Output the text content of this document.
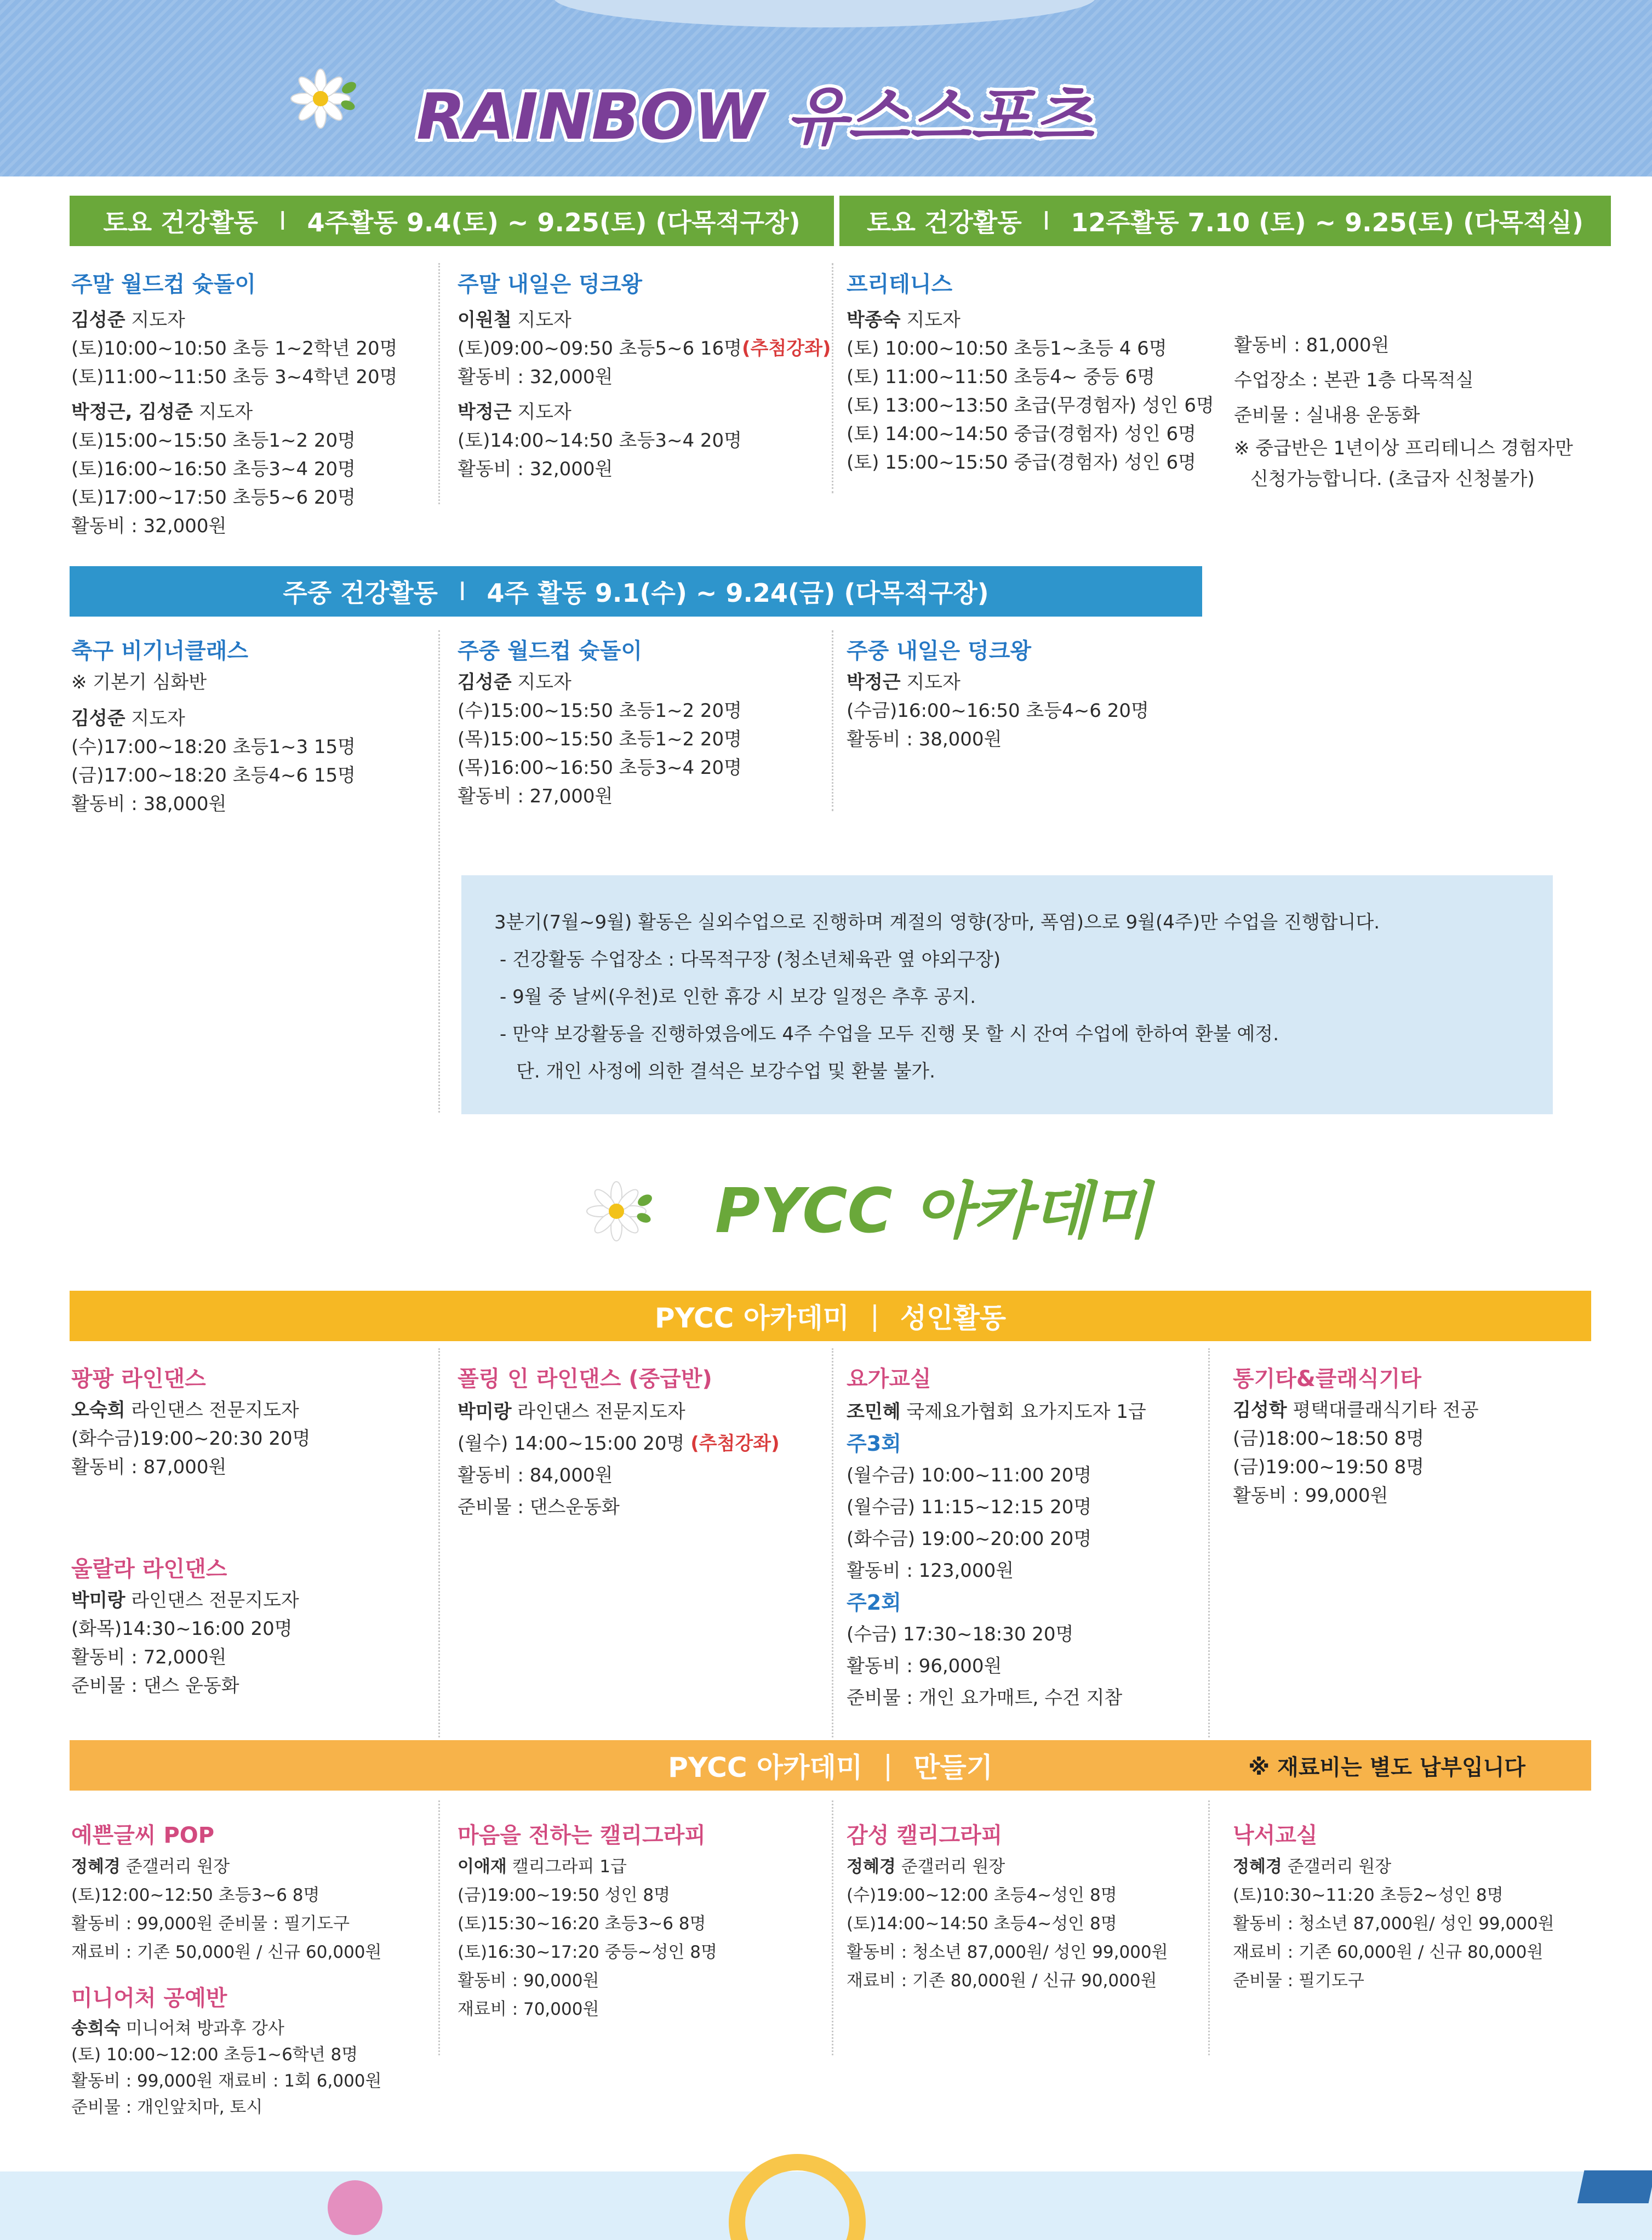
RAINBOW 유스스포츠
PYCC 아카데미
토요 건강활동 I 4주활동 9.4(토) ~ 9.25(토) (다목적구장)	토요 건강활동 I 12주활동 7.10 (토) ~ 9.25(토) (다목적실)
주말 월드컵 슛돌이
김성준 지도자
(토)10:00~10:50 초등 1~2학년 20명
(토)11:00~11:50 초등 3~4학년 20명
박정근, 김성준 지도자
(토)15:00~15:50 초등1~2 20명
(토)16:00~16:50 초등3~4 20명
(토)17:00~17:50 초등5~6 20명
활동비 : 32,000원
주말 내일은 덩크왕
이원철 지도자
(토)09:00~09:50 초등5~6 16명(추첨강좌)
활동비 : 32,000원
박정근 지도자
(토)14:00~14:50 초등3~4 20명
활동비 : 32,000원
프리테니스
박종숙 지도자
(토) 10:00~10:50 초등1~초등 4 6명
(토) 11:00~11:50 초등4~ 중등 6명
(토) 13:00~13:50 초급(무경험자) 성인 6명
(토) 14:00~14:50 중급(경험자) 성인 6명
(토) 15:00~15:50 중급(경험자) 성인 6명
활동비 : 81,000원
수업장소 : 본관 1층 다목적실
준비물 : 실내용 운동화
※ 중급반은 1년이상 프리테니스 경험자만
신청가능합니다. (초급자 신청불가)
주중 건강활동 I 4주 활동 9.1(수) ~ 9.24(금) (다목적구장)
축구 비기너클래스
※ 기본기 심화반
김성준 지도자
(수)17:00~18:20 초등1~3 15명
(금)17:00~18:20 초등4~6 15명
활동비 : 38,000원
주중 월드컵 슛돌이
김성준 지도자
(수)15:00~15:50 초등1~2 20명
(목)15:00~15:50 초등1~2 20명
(목)16:00~16:50 초등3~4 20명
활동비 : 27,000원
주중 내일은 덩크왕
박정근 지도자
(수금)16:00~16:50 초등4~6 20명
활동비 : 38,000원
3분기(7월~9월) 활동은 실외수업으로 진행하며 계절의 영향(장마, 폭염)으로 9월(4주)만 수업을 진행합니다.
- 건강활동 수업장소 : 다목적구장 (청소년체육관 옆 야외구장)
- 9월 중 날씨(우천)로 인한 휴강 시 보강 일정은 추후 공지.
- 만약 보강활동을 진행하였음에도 4주 수업을 모두 진행 못 할 시 잔여 수업에 한하여 환불 예정.
단. 개인 사정에 의한 결석은 보강수업 및 환불 불가.
PYCC 아카데미 | 성인활동
팡팡 라인댄스
오숙희 라인댄스 전문지도자
(화수금)19:00~20:30 20명
활동비 : 87,000원
울랄라 라인댄스
박미랑 라인댄스 전문지도자
(화목)14:30~16:00 20명
활동비 : 72,000원
준비물 : 댄스 운동화
폴링 인 라인댄스 (중급반)
박미랑 라인댄스 전문지도자
(월수) 14:00~15:00 20명 (추첨강좌)
활동비 : 84,000원
준비물 : 댄스운동화
요가교실
조민혜 국제요가협회 요가지도자 1급
주3회
(월수금) 10:00~11:00 20명
(월수금) 11:15~12:15 20명
(화수금) 19:00~20:00 20명
활동비 : 123,000원
주2회
(수금) 17:30~18:30 20명
활동비 : 96,000원
준비물 : 개인 요가매트, 수건 지참
통기타&클래식기타
김성학 평택대클래식기타 전공
(금)18:00~18:50 8명
(금)19:00~19:50 8명
활동비 : 99,000원
PYCC 아카데미 | 만들기	※ 재료비는 별도 납부입니다
예쁜글씨 POP
정혜경 준갤러리 원장
(토)12:00~12:50 초등3~6 8명
활동비 : 99,000원 준비물 : 필기도구
재료비 : 기존 50,000원 / 신규 60,000원
미니어처 공예반
송희숙 미니어쳐 방과후 강사
(토) 10:00~12:00 초등1~6학년 8명
활동비 : 99,000원 재료비 : 1회 6,000원
준비물 : 개인앞치마, 토시
마음을 전하는 캘리그라피
이애재 캘리그라피 1급
(금)19:00~19:50 성인 8명
(토)15:30~16:20 초등3~6 8명
(토)16:30~17:20 중등~성인 8명
활동비 : 90,000원
재료비 : 70,000원
감성 캘리그라피
정혜경 준갤러리 원장
(수)19:00~12:00 초등4~성인 8명
(토)14:00~14:50 초등4~성인 8명
활동비 : 청소년 87,000원/ 성인 99,000원
재료비 : 기존 80,000원 / 신규 90,000원
낙서교실
정혜경 준갤러리 원장
(토)10:30~11:20 초등2~성인 8명
활동비 : 청소년 87,000원/ 성인 99,000원
재료비 : 기존 60,000원 / 신규 80,000원
준비물 : 필기도구
